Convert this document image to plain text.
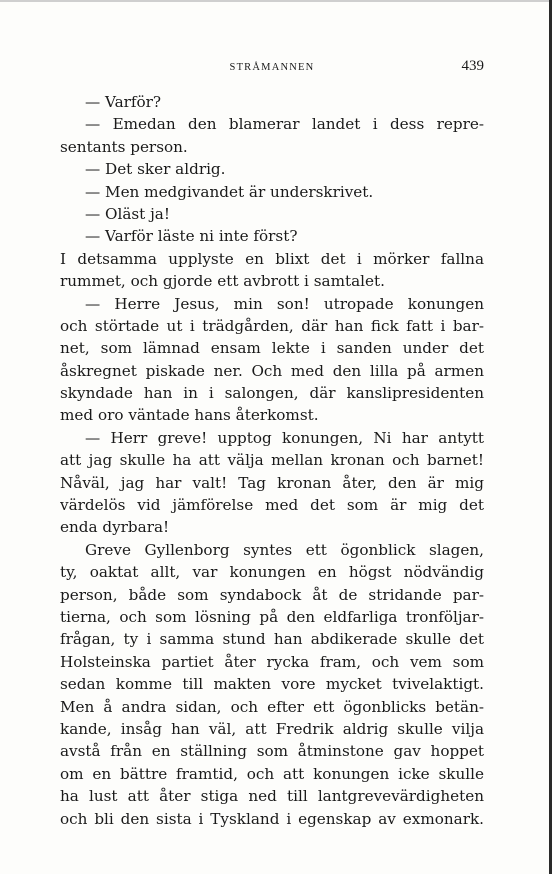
STRÅMANNEN	439
— Varför?
— Emedan den blamerar landet i dess repre-
sentants person.
— Det sker aldrig.
— Men medgivandet är underskrivet.
— Oläst ja!
— Varför läste ni inte först?
I detsamma upplyste en blixt det i mörker fallna
rummet, och gjorde ett avbrott i samtalet.
— Herre Jesus, min son! utropade konungen
och störtade ut i trädgården, där han fick fatt i bar-
net, som lämnad ensam lekte i sanden under det
åskregnet piskade ner. Och med den lilla på armen
skyndade han in i salongen, där kanslipresidenten
med oro väntade hans återkomst.
— Herr greve! upptog konungen, Ni har antytt
att jag skulle ha att välja mellan kronan och barnet!
Nåväl, jag har valt! Tag kronan åter, den är mig
värdelös vid jämförelse med det som är mig det
enda dyrbara!
Greve Gyllenborg syntes ett ögonblick slagen,
ty, oaktat allt, var konungen en högst nödvändig
person, både som syndabock åt de stridande par-
tierna, och som lösning på den eldfarliga tronföljar-
frågan, ty i samma stund han abdikerade skulle det
Holsteinska partiet åter rycka fram, och vem som
sedan komme till makten vore mycket tvivelaktigt.
Men å andra sidan, och efter ett ögonblicks betän-
kande, insåg han väl, att Fredrik aldrig skulle vilja
avstå från en ställning som åtminstone gav hoppet
om en bättre framtid, och att konungen icke skulle
ha lust att åter stiga ned till lantgrevevärdigheten
och bli den sista i Tyskland i egenskap av exmonark.
